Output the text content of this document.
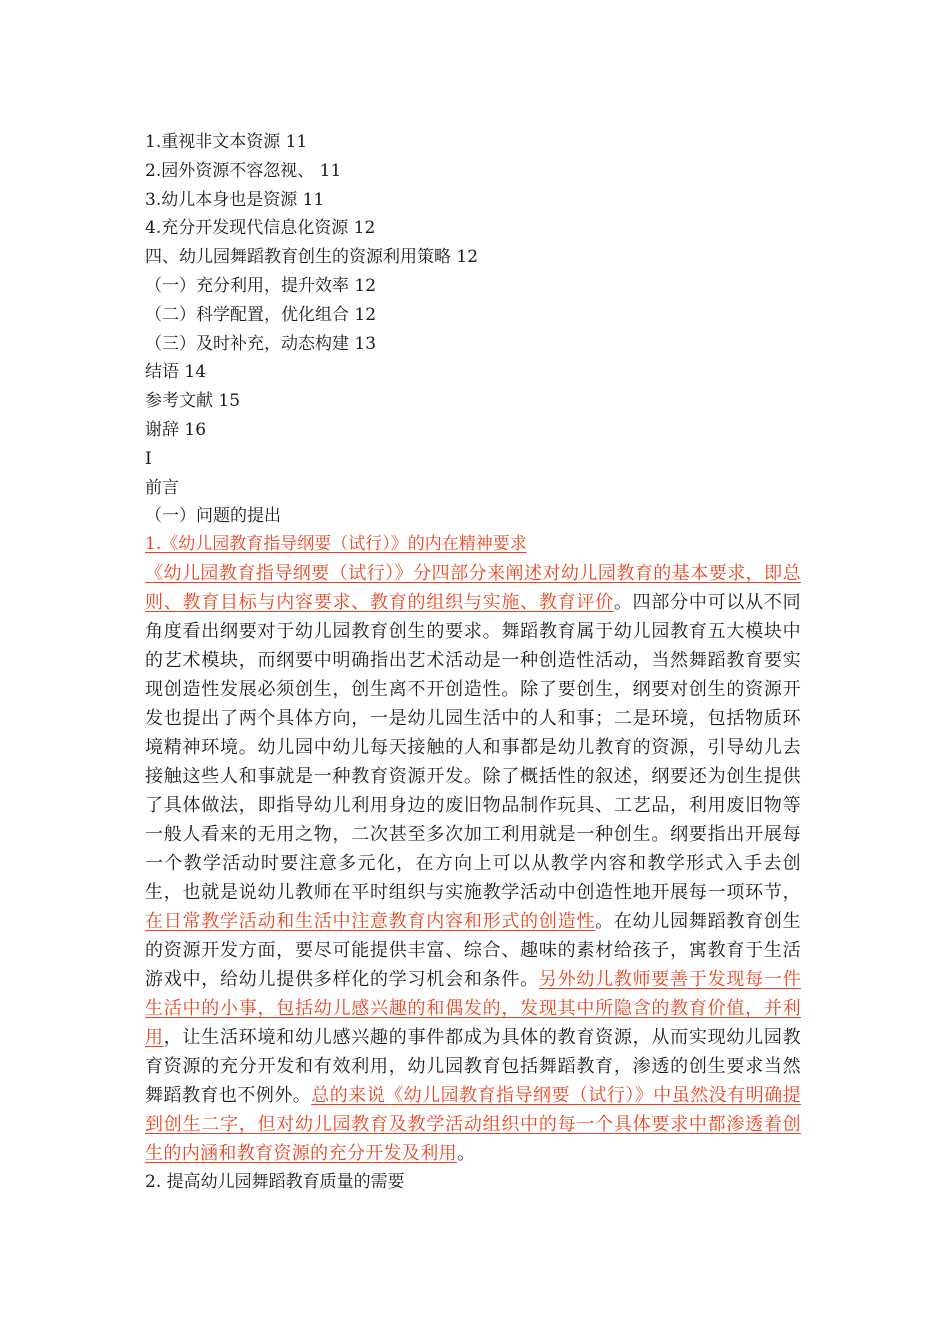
1.重视非文本资源 11
2.园外资源不容忽视、 11
3.幼儿本身也是资源 11
4.充分开发现代信息化资源 12
四、幼儿园舞蹈教育创生的资源利用策略 12
（一）充分利用，提升效率 12
（二）科学配置，优化组合 12
（三）及时补充，动态构建 13
结语 14
参考文献 15
谢辞 16
I
前言
（一）问题的提出
1.《幼儿园教育指导纲要（试行）》的内在精神要求
《幼儿园教育指导纲要（试行）》分四部分来阐述对幼儿园教育的基本要求，即总则、教育目标与内容要求、教育的组织与实施、教育评价。四部分中可以从不同角度看出纲要对于幼儿园教育创生的要求。舞蹈教育属于幼儿园教育五大模块中的艺术模块，而纲要中明确指出艺术活动是一种创造性活动，当然舞蹈教育要实现创造性发展必须创生，创生离不开创造性。除了要创生，纲要对创生的资源开发也提出了两个具体方向，一是幼儿园生活中的人和事；二是环境，包括物质环境精神环境。幼儿园中幼儿每天接触的人和事都是幼儿教育的资源，引导幼儿去接触这些人和事就是一种教育资源开发。除了概括性的叙述，纲要还为创生提供了具体做法，即指导幼儿利用身边的废旧物品制作玩具、工艺品，利用废旧物等一般人看来的无用之物，二次甚至多次加工利用就是一种创生。纲要指出开展每一个教学活动时要注意多元化，在方向上可以从教学内容和教学形式入手去创生，也就是说幼儿教师在平时组织与实施教学活动中创造性地开展每一项环节，在日常教学活动和生活中注意教育内容和形式的创造性。在幼儿园舞蹈教育创生的资源开发方面，要尽可能提供丰富、综合、趣味的素材给孩子，寓教育于生活游戏中，给幼儿提供多样化的学习机会和条件。另外幼儿教师要善于发现每一件生活中的小事，包括幼儿感兴趣的和偶发的，发现其中所隐含的教育价值，并利用，让生活环境和幼儿感兴趣的事件都成为具体的教育资源，从而实现幼儿园教育资源的充分开发和有效利用，幼儿园教育包括舞蹈教育，渗透的创生要求当然舞蹈教育也不例外。总的来说《幼儿园教育指导纲要（试行）》中虽然没有明确提到创生二字，但对幼儿园教育及教学活动组织中的每一个具体要求中都渗透着创生的内涵和教育资源的充分开发及利用。
2. 提高幼儿园舞蹈教育质量的需要
